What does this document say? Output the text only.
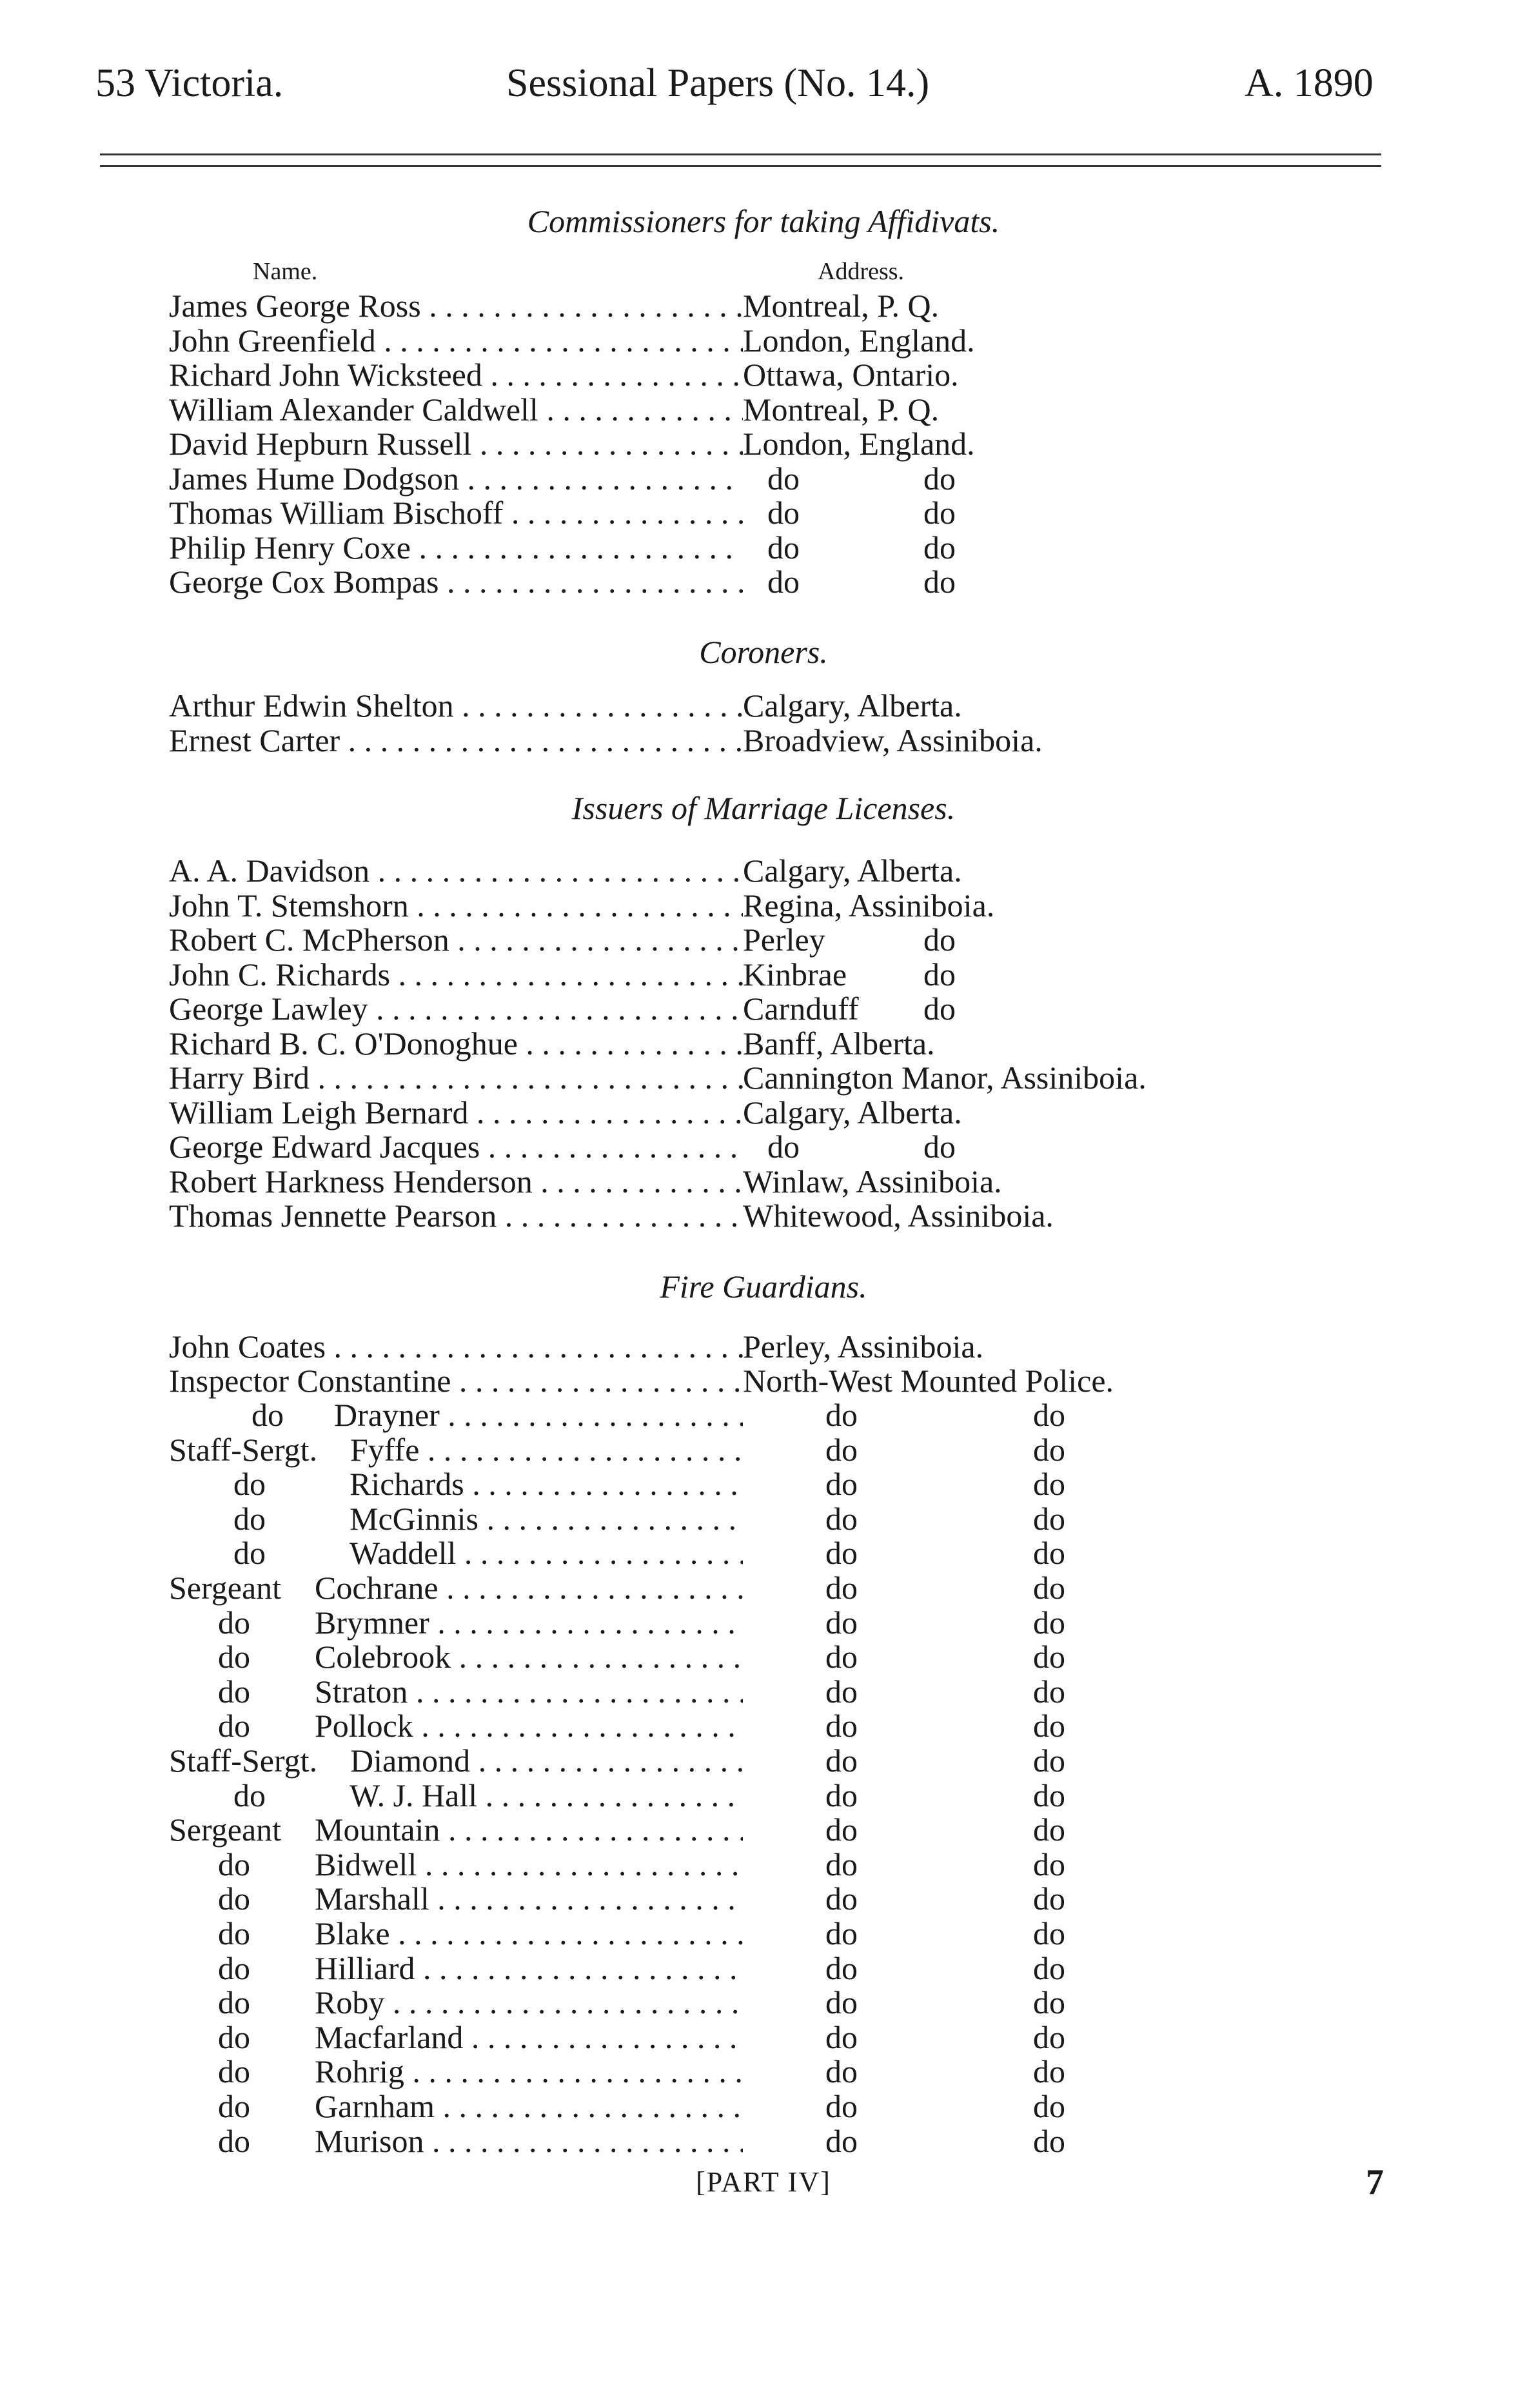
53 Victoria.	Sessional Papers (No. 14.)	A. 1890
Commissioners for taking Affidivats.
Name.	Address.
James George Ross . . .	Montreal, P. Q.
John Greenfield . . .	London, England.
Richard John Wicksteed . . .	Ottawa, Ontario.
William Alexander Caldwell . . .	Montreal, P. Q.
David Hepburn Russell . . .	London, England.
James Hume Dodgson . . .	do	do
Thomas William Bischoff . . .	do	do
Philip Henry Coxe . . .	do	do
George Cox Bompas . . .	do	do
Coroners.
Arthur Edwin Shelton . . .	Calgary, Alberta.
Ernest Carter . . .	Broadview, Assiniboia.
Issuers of Marriage Licenses.
A. A. Davidson . . .	Calgary, Alberta.
John T. Stemshorn . . .	Regina, Assiniboia.
Robert C. McPherson . . .	Perley	do
John C. Richards . . .	Kinbrae do
George Lawley . . .	Carnduff do
Richard B. C. O'Donoghue . . .	Banff, Alberta.
Harry Bird . . .	Cannington Manor, Assiniboia.
William Leigh Bernard . . .	Calgary, Alberta.
George Edward Jacques . . .	do	do
Robert Harkness Henderson . . .	Winlaw, Assiniboia.
Thomas Jennette Pearson . . .	Whitewood, Assiniboia.
Fire Guardians.
John Coates . . .	Perley, Assiniboia.
Inspector Constantine . . .	North-West Mounted Police.
do Drayner . . .	do	do
Staff-Sergt. Fyffe . . .	do	do
do	Richards . . .	do	do
do	McGinnis . . .	do	do
do	Waddell . . .	do	do
Sergeant Cochrane . . .	do	do
do Brymner . . .	do	do
do Colebrook . . .	do	do
do Straton . . .	do	do
do Pollock . . .	do	do
Staff-Sergt. Diamond . . .	do	do
do	W. J. Hall . . .	do	do
Sergeant Mountain . . .	do	do
do Bidwell . . .	do	do
do Marshall . . .	do	do
do Blake . . .	do	do
do Hilliard . . .	do	do
do Roby . . .	do	do
do Macfarland . . .	do	do
do Rohrig . . .	do	do
do Garnham . . .	do	do
do Murison . . .	do	do
[PART IV]	7
